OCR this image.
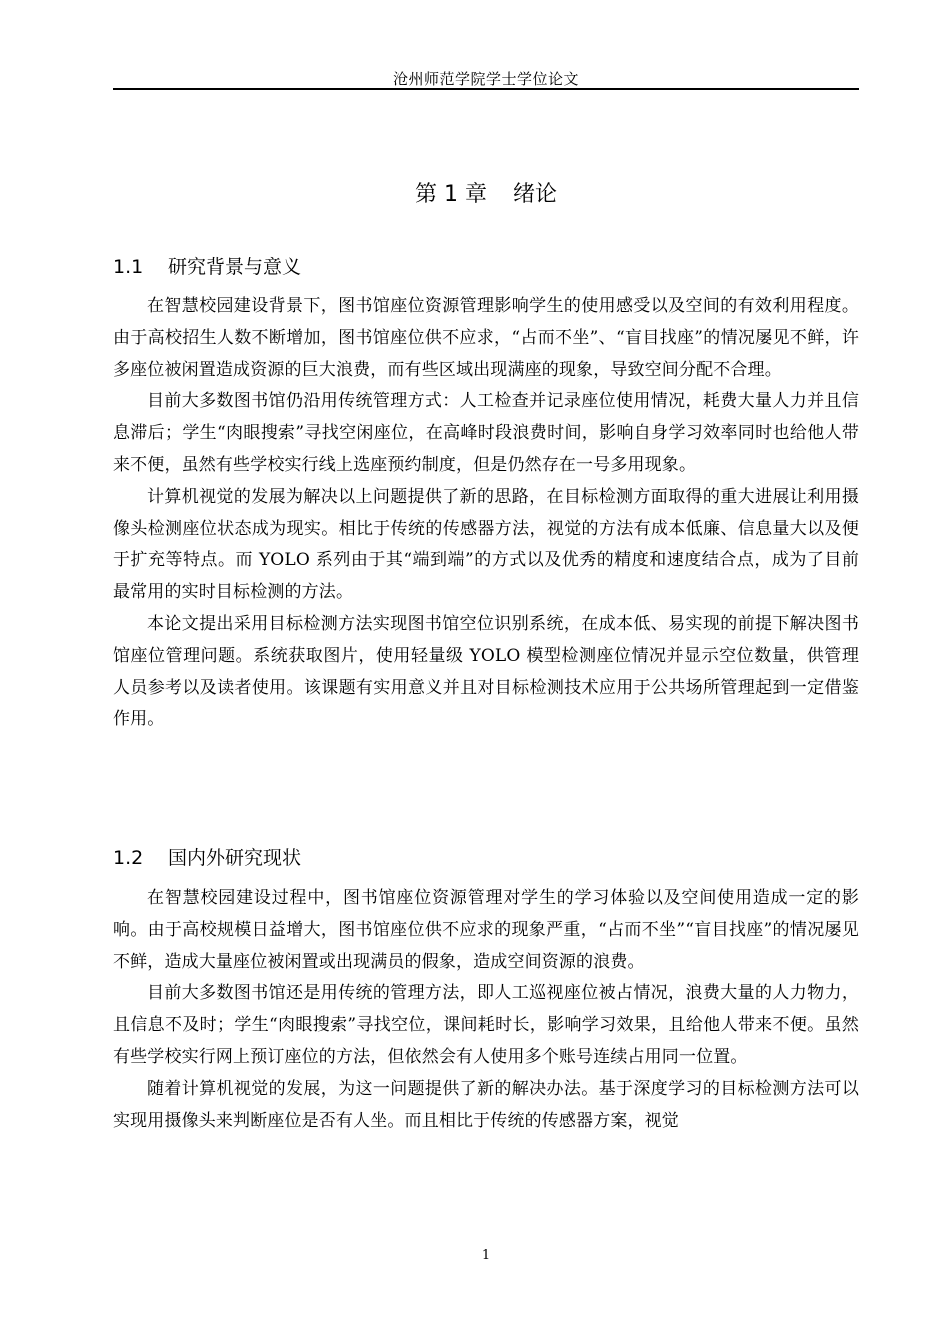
沧州师范学院学士学位论文
第 1 章 绪论
1.1 研究背景与意义

在智慧校园建设背景下，图书馆座位资源管理影响学生的使用感受以及空间的有效利用程度。由于高校招生人数不断增加，图书馆座位供不应求，“占而不坐”、“盲目找座”的情况屡见不鲜，许多座位被闲置造成资源的巨大浪费，而有些区域出现满座的现象，导致空间分配不合理。

目前大多数图书馆仍沿用传统管理方式：人工检查并记录座位使用情况，耗费大量人力并且信息滞后；学生“肉眼搜索”寻找空闲座位，在高峰时段浪费时间，影响自身学习效率同时也给他人带来不便，虽然有些学校实行线上选座预约制度，但是仍然存在一号多用现象。

计算机视觉的发展为解决以上问题提供了新的思路，在目标检测方面取得的重大进展让利用摄像头检测座位状态成为现实。相比于传统的传感器方法，视觉的方法有成本低廉、信息量大以及便于扩充等特点。而 YOLO 系列由于其“端到端”的方式以及优秀的精度和速度结合点，成为了目前最常用的实时目标检测的方法。

本论文提出采用目标检测方法实现图书馆空位识别系统，在成本低、易实现的前提下解决图书馆座位管理问题。系统获取图片，使用轻量级 YOLO 模型检测座位情况并显示空位数量，供管理人员参考以及读者使用。该课题有实用意义并且对目标检测技术应用于公共场所管理起到一定借鉴作用。

1.2 国内外研究现状

在智慧校园建设过程中，图书馆座位资源管理对学生的学习体验以及空间使用造成一定的影响。由于高校规模日益增大，图书馆座位供不应求的现象严重，“占而不坐”“盲目找座”的情况屡见不鲜，造成大量座位被闲置或出现满员的假象，造成空间资源的浪费。

目前大多数图书馆还是用传统的管理方法，即人工巡视座位被占情况，浪费大量的人力物力，且信息不及时；学生“肉眼搜索”寻找空位，课间耗时长，影响学习效果，且给他人带来不便。虽然有些学校实行网上预订座位的方法，但依然会有人使用多个账号连续占用同一位置。

随着计算机视觉的发展，为这一问题提供了新的解决办法。基于深度学习的目标检测方法可以实现用摄像头来判断座位是否有人坐。而且相比于传统的传感器方案，视觉

1
